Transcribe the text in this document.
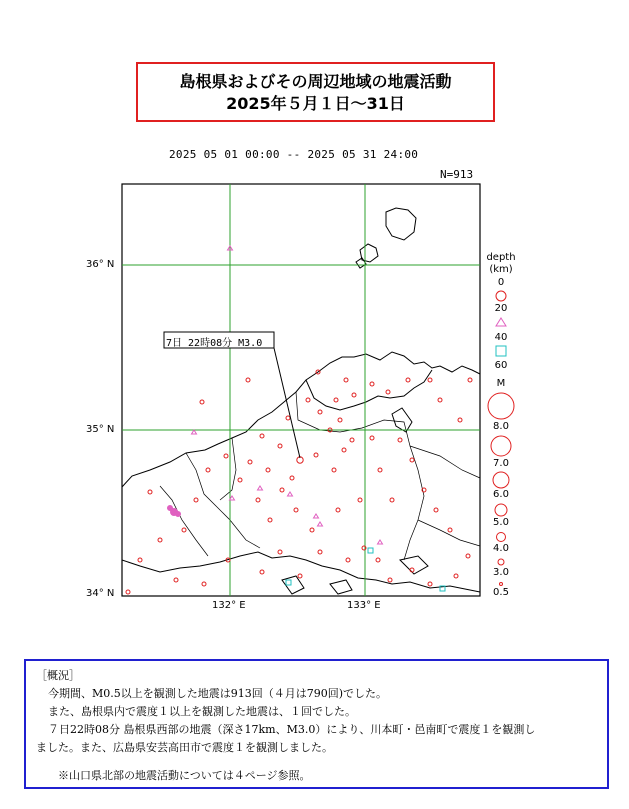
島根県およびその周辺地域の地震活動
2025年５月１日〜31日
2025 05 01 00:00 -- 2025 05 31 24:00
N=913
36° N
35° N
34° N
132° E	133° E
7日 22時08分 M3.0
depth
(km)
0
20
40
60
M
8.0
7.0
6.0
5.0
4.0
3.0
0.5

［概況］

今期間、M0.5以上を観測した地震は913回（４月は790回)でした。

また、島根県内で震度１以上を観測した地震は、１回でした。

７日22時08分 島根県西部の地震（深さ17km、M3.0）により、川本町・邑南町で震度１を観測し

ました。また、広島県安芸高田市で震度１を観測しました。

※山口県北部の地震活動については４ページ参照。
